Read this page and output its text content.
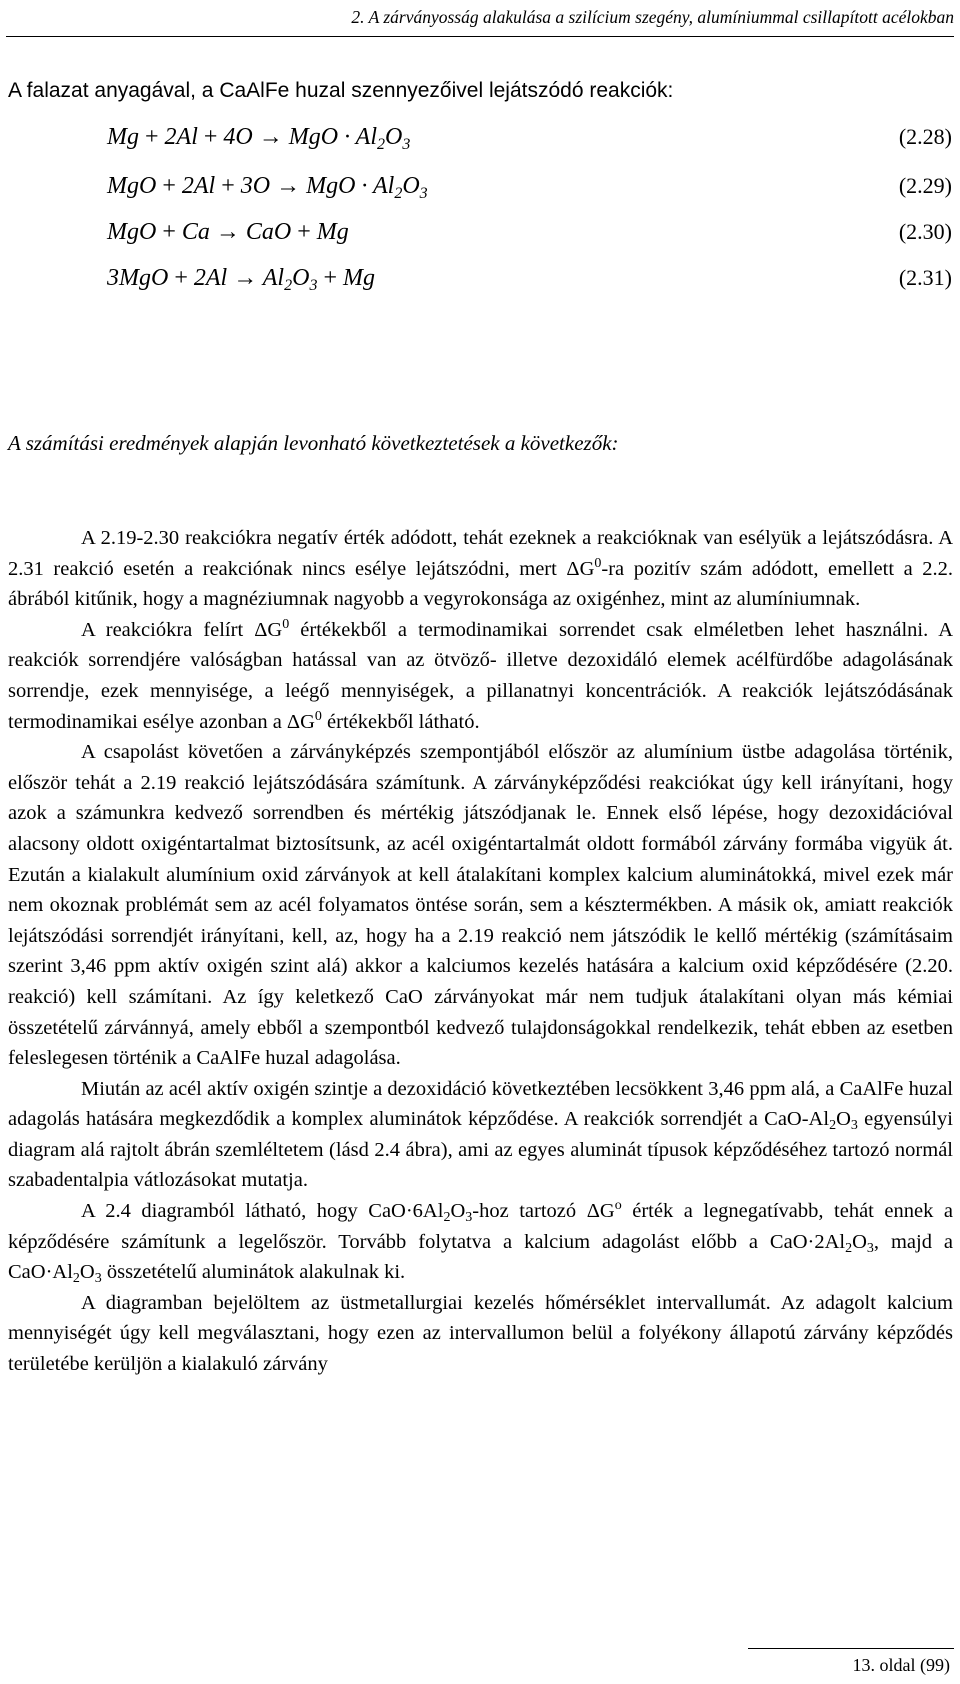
2. A zárványosság alakulása a szilícium szegény, alumíniummal csillapított acélokban
A falazat anyagával, a CaAlFe huzal szennyezőivel lejátszódó reakciók:
Mg + 2Al + 4O → MgO · $Al_2O_3$	(2.28)
MgO + 2Al + 3O → MgO · $Al_2O_3$	(2.29)
MgO + Ca → CaO + Mg	(2.30)
$3MgO + 2Al \to Al_2O_3 + Mg$	(2.31)
A számítási eredmények alapján levonható következtetések a következők:

A 2.19-2.30 reakciókra negatív érték adódott, tehát ezeknek a reakcióknak van esélyük a lejátszódásra. A 2.31 reakció esetén a reakciónak nincs esélye lejátszódni, mert $\Delta G^0-ra$ pozitív szám adódott, emellett a 2.2. ábrából kitűnik, hogy a magnéziumnak nagyobb a vegyrokonsága az oxigénhez, mint az alumíniumnak.

A reakciókra felírt $\Delta G^0$ értékekből a termodinamikai sorrendet csak elméletben lehet használni. A reakciók sorrendjére valóságban hatással van az ötvöző- illetve dezoxidáló elemek acélfürdőbe adagolásának sorrendje, ezek mennyisége, a leégő mennyiségek, a pillanatnyi koncentrációk. A reakciók lejátszódásának termodinamikai esélye azonban a $\Delta G^0$ értékekből látható.

A csapolást követően a zárványképzés szempontjából először az alumínium üstbe adagolása történik, először tehát a 2.19 reakció lejátszódására számítunk. A zárványképződési reakciókat úgy kell irányítani, hogy azok a számunkra kedvező sorrendben és mértékig játszódjanak le. Ennek első lépése, hogy dezoxidációval alacsony oldott oxigéntartalmat biztosítsunk, az acél oxigéntartalmát oldott formából zárvány formába vigyük át. Ezután a kialakult alumínium oxid zárványok at kell átalakítani komplex kalcium aluminátokká, mivel ezek már nem okoznak problémát sem az acél folyamatos öntése során, sem a késztermékben. A másik ok, amiatt reakciók lejátszódási sorrendjét irányítani, kell, az, hogy ha a 2.19 reakció nem játszódik le kellő mértékig (számításaim szerint 3,46 ppm aktív oxigén szint alá) akkor a kalciumos kezelés hatására a kalcium oxid képződésére (2.20. reakció) kell számítani. Az így keletkező CaO zárványokat már nem tudjuk átalakítani olyan más kémiai összetételű zárvánnyá, amely ebből a szempontból kedvező tulajdonságokkal rendelkezik, tehát ebben az esetben feleslegesen történik a CaAlFe huzal adagolása.

Miután az acél aktív oxigén szintje a dezoxidáció következtében lecsökkent 3,46 ppm alá, a CaAlFe huzal adagolás hatására megkezdődik a komplex aluminátok képződése. A reakciók sorrendjét a CaO-$Al_2O_3$ egyensúlyi diagram alá rajtolt ábrán szemléltetem (lásd 2.4 ábra), ami az egyes aluminát típusok képződéséhez tartozó normál szabadentalpia vátlozásokat mutatja.

A 2.4 diagramból látható, hogy $CaO\cdot 6Al_2O_3$-hoz tartozó $\Delta G^o$ érték a legnegatívabb, tehát ennek a képződésére számítunk a legelőször. Torvább folytatva a kalcium adagolást előbb a $CaO\cdot 2Al_2O_3$, majd a $CaO\cdot Al_2O_3$ összetételű aluminátok alakulnak ki.

A diagramban bejelöltem az üstmetallurgiai kezelés hőmérséklet intervallumát. Az adagolt kalcium mennyiségét úgy kell megválasztani, hogy ezen az intervallumon belül a folyékony állapotú zárvány képződés területébe kerüljön a kialakuló zárvány

13. oldal (99)
